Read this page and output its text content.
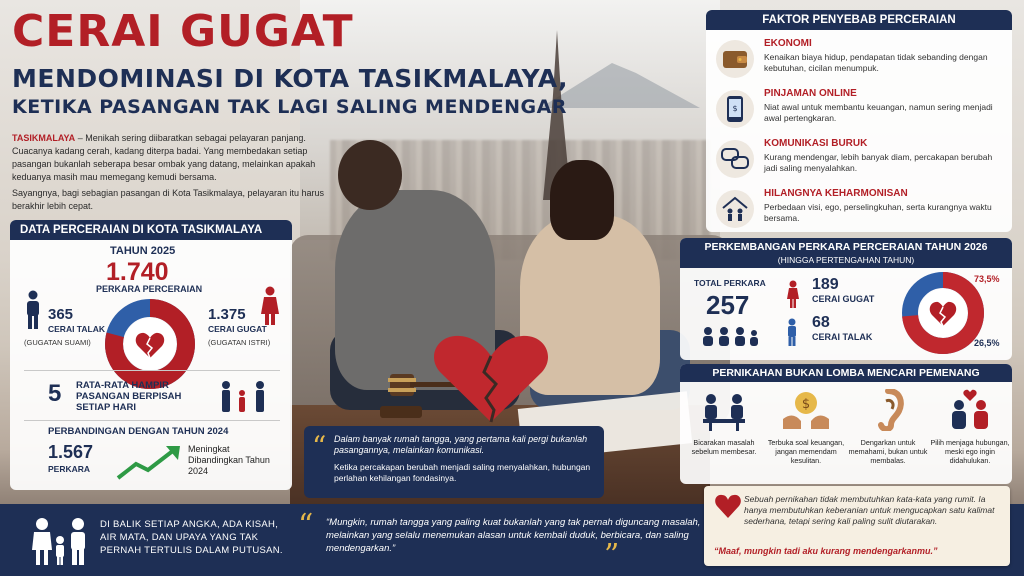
CERAI GUGAT
MENDOMINASI DI KOTA TASIKMALAYA,
KETIKA PASANGAN TAK LAGI SALING MENDENGAR

TASIKMALAYA – Menikah sering diibaratkan sebagai pelayaran panjang. Cuacanya kadang cerah, kadang diterpa badai. Yang membedakan setiap pasangan bukanlah seberapa besar ombak yang datang, melainkan apakah keduanya masih mau memegang kemudi bersama.

Sayangnya, bagi sebagian pasangan di Kota Tasikmalaya, pelayaran itu harus berakhir lebih cepat.

DATA PERCERAIAN DI KOTA TASIKMALAYA
TAHUN 2025
1.740
PERKARA PERCERAIAN
365
CERAI TALAK
(GUGATAN SUAMI)
1.375
CERAI GUGAT
(GUGATAN ISTRI)
5 RATA-RATA HAMPIR PASANGAN BERPISAH SETIAP HARI
PERBANDINGAN DENGAN TAHUN 2024
1.567
PERKARA
Meningkat Dibandingkan Tahun 2024
FAKTOR PENYEBAB PERCERAIAN
EKONOMI
Kenaikan biaya hidup, pendapatan tidak sebanding dengan kebutuhan, cicilan menumpuk.
$
PINJAMAN ONLINE
Niat awal untuk membantu keuangan, namun sering menjadi awal pertengkaran.
KOMUNIKASI BURUK
Kurang mendengar, lebih banyak diam, percakapan berubah jadi saling menyalahkan.
HILANGNYA KEHARMONISAN
Perbedaan visi, ego, perselingkuhan, serta kurangnya waktu bersama.
PERKEMBANGAN PERKARA PERCERAIAN TAHUN 2026
(HINGGA PERTENGAHAN TAHUN)
TOTAL PERKARA
257
189
CERAI GUGAT
68
CERAI TALAK
73,5%
26,5%
PERNIKAHAN BUKAN LOMBA MENCARI PEMENANG
Bicarakan masalah sebelum membesar.
$
Terbuka soal keuangan, jangan memendam kesulitan.
Dengarkan untuk memahami, bukan untuk membalas.
Pilih menjaga hubungan, meski ego ingin didahulukan.
“ Dalam banyak rumah tangga, yang pertama kali pergi bukanlah pasangannya, melainkan komunikasi.
Ketika percakapan berubah menjadi saling menyalahkan, hubungan perlahan kehilangan fondasinya.
DI BALIK SETIAP ANGKA, ADA KISAH, AIR MATA, DAN UPAYA YANG TAK PERNAH TERTULIS DALAM PUTUSAN.
“ “Mungkin, rumah tangga yang paling kuat bukanlah yang tak pernah diguncang masalah, melainkan yang selalu menemukan alasan untuk kembali duduk, berbicara, dan saling mendengarkan.”	”
Sebuah pernikahan tidak membutuhkan kata-kata yang rumit. Ia hanya membutuhkan keberanian untuk mengucapkan satu kalimat sederhana, tetapi sering kali paling sulit diutarakan.
“Maaf, mungkin tadi aku kurang mendengarkanmu.”
